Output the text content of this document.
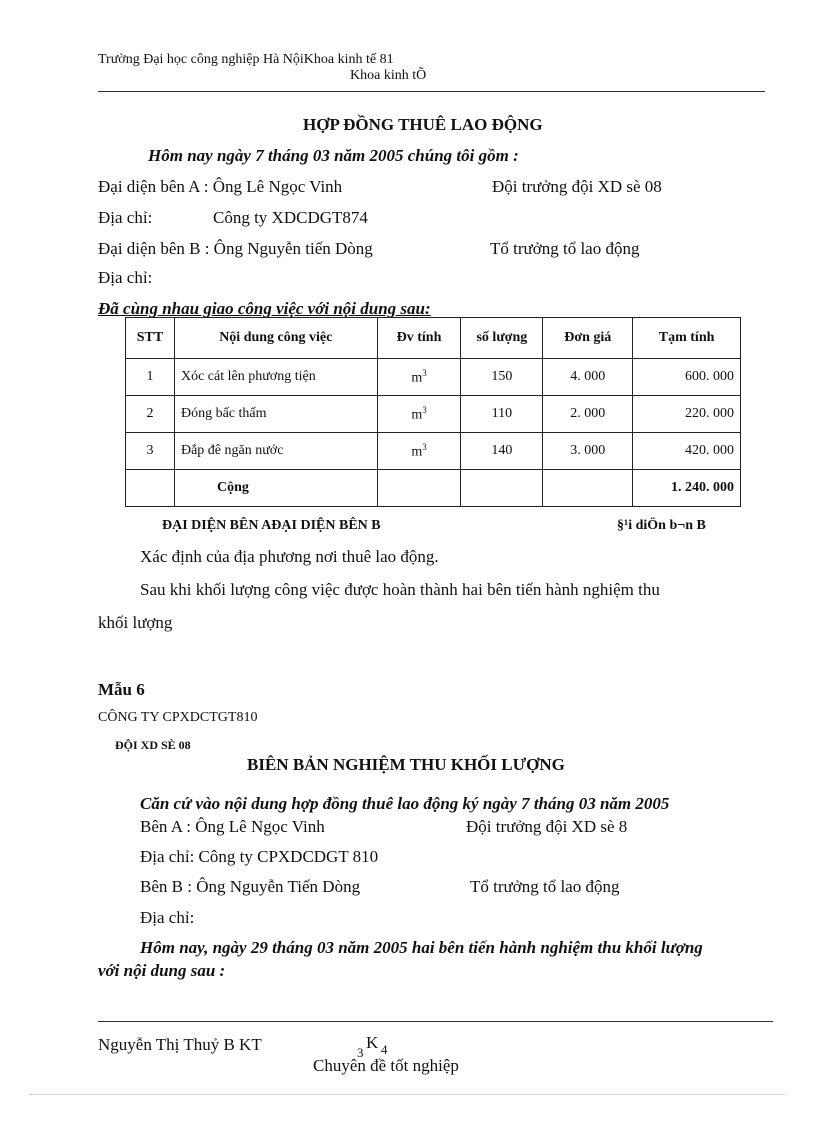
Trường Đại học công nghiệp Hà NộiKhoa kinh tế 81
Khoa kinh tÕ
HỢP ĐỒNG THUÊ LAO ĐỘNG
Hôm nay ngày 7 tháng 03 năm 2005 chúng tôi gồm :
Đại diện bên A : Ông Lê Ngọc Vinh	Đội trưởng đội XD sè 08
Địa chỉ:	Công ty XDCDGT874
Đại diện bên B : Ông Nguyễn tiến Dòng	Tổ trưởng tổ lao động
Địa chỉ:
Đã cùng nhau giao công việc với nội dung sau:
STT	Nội dung công việc	Đv tính	số lượng	Đơn giá	Tạm tính
1	Xóc cát lên phương tiện	$m^3$	150	4. 000	600. 000
2	Đóng bấc thấm	$m^3$	110	2. 000	220. 000
3	Đắp đê ngăn nước	$m^3$	140	3. 000	420. 000
	Cộng				1. 240. 000
ĐẠI DIỆN BÊN AĐẠI DIỆN BÊN B	§¹i diÖn b¬n B
Xác định của địa phương nơi thuê lao động.
Sau khi khối lượng công việc được hoàn thành hai bên tiến hành nghiệm thu
khối lượng
Mẫu 6
CÔNG TY CPXDCTGT810
ĐỘI XD SÈ 08
BIÊN BẢN NGHIỆM THU KHỐI LƯỢNG
Căn cứ vào nội dung hợp đồng thuê lao động ký ngày 7 tháng 03 năm 2005
Bên A : Ông Lê Ngọc Vinh	Đội trưởng đội XD sè 8
Địa chỉ: Công ty CPXDCDGT 810
Bên B : Ông Nguyễn Tiến Dòng	Tổ trưởng tổ lao động
Địa chỉ:
Hôm nay, ngày 29 tháng 03 năm 2005 hai bên tiến hành nghiệm thu khối lượng
với nội dung sau :
Nguyễn Thị Thuỷ B KT	3
K 4
Chuyên đề tốt nghiệp
